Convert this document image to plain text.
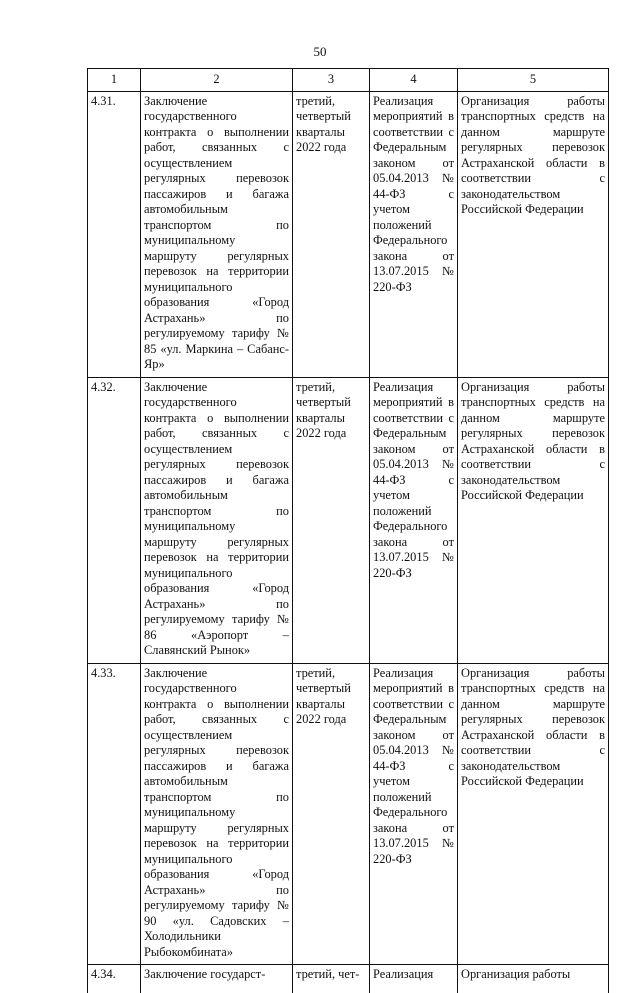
50
1	2	3	4	5
4.31.	Заключение государственного контракта о выполнении работ, связанных с осуществлением регулярных перевозок пассажиров и багажа автомобильным транспортом по муниципальному маршруту регулярных перевозок на территории муниципального образования «Город Астрахань» по регулируемому тарифу № 85 «ул. Маркина – Сабанс-Яр»	третий, четвертый кварталы 2022 года	Реализация мероприятий в соответствии с Федеральным законом от 05.04.2013 № 44-ФЗ с учетом положений Федерального закона от 13.07.2015 № 220-ФЗ	Организация работы транспортных средств на данном маршруте регулярных перевозок Астраханской области в соответствии с законодательством Российской Федерации
4.32.	Заключение государственного контракта о выполнении работ, связанных с осуществлением регулярных перевозок пассажиров и багажа автомобильным транспортом по муниципальному маршруту регулярных перевозок на территории муниципального образования «Город Астрахань» по регулируемому тарифу № 86 «Аэропорт – Славянский Рынок»	третий, четвертый кварталы 2022 года	Реализация мероприятий в соответствии с Федеральным законом от 05.04.2013 № 44-ФЗ с учетом положений Федерального закона от 13.07.2015 № 220-ФЗ	Организация работы транспортных средств на данном маршруте регулярных перевозок Астраханской области в соответствии с законодательством Российской Федерации
4.33.	Заключение государственного контракта о выполнении работ, связанных с осуществлением регулярных перевозок пассажиров и багажа автомобильным транспортом по муниципальному маршруту регулярных перевозок на территории муниципального образования «Город Астрахань» по регулируемому тарифу № 90 «ул. Садовских – Холодильники Рыбокомбината»	третий, четвертый кварталы 2022 года	Реализация мероприятий в соответствии с Федеральным законом от 05.04.2013 № 44-ФЗ с учетом положений Федерального закона от 13.07.2015 № 220-ФЗ	Организация работы транспортных средств на данном маршруте регулярных перевозок Астраханской области в соответствии с законодательством Российской Федерации
4.34.	Заключение государст-	третий, чет-	Реализация	Организация работы
